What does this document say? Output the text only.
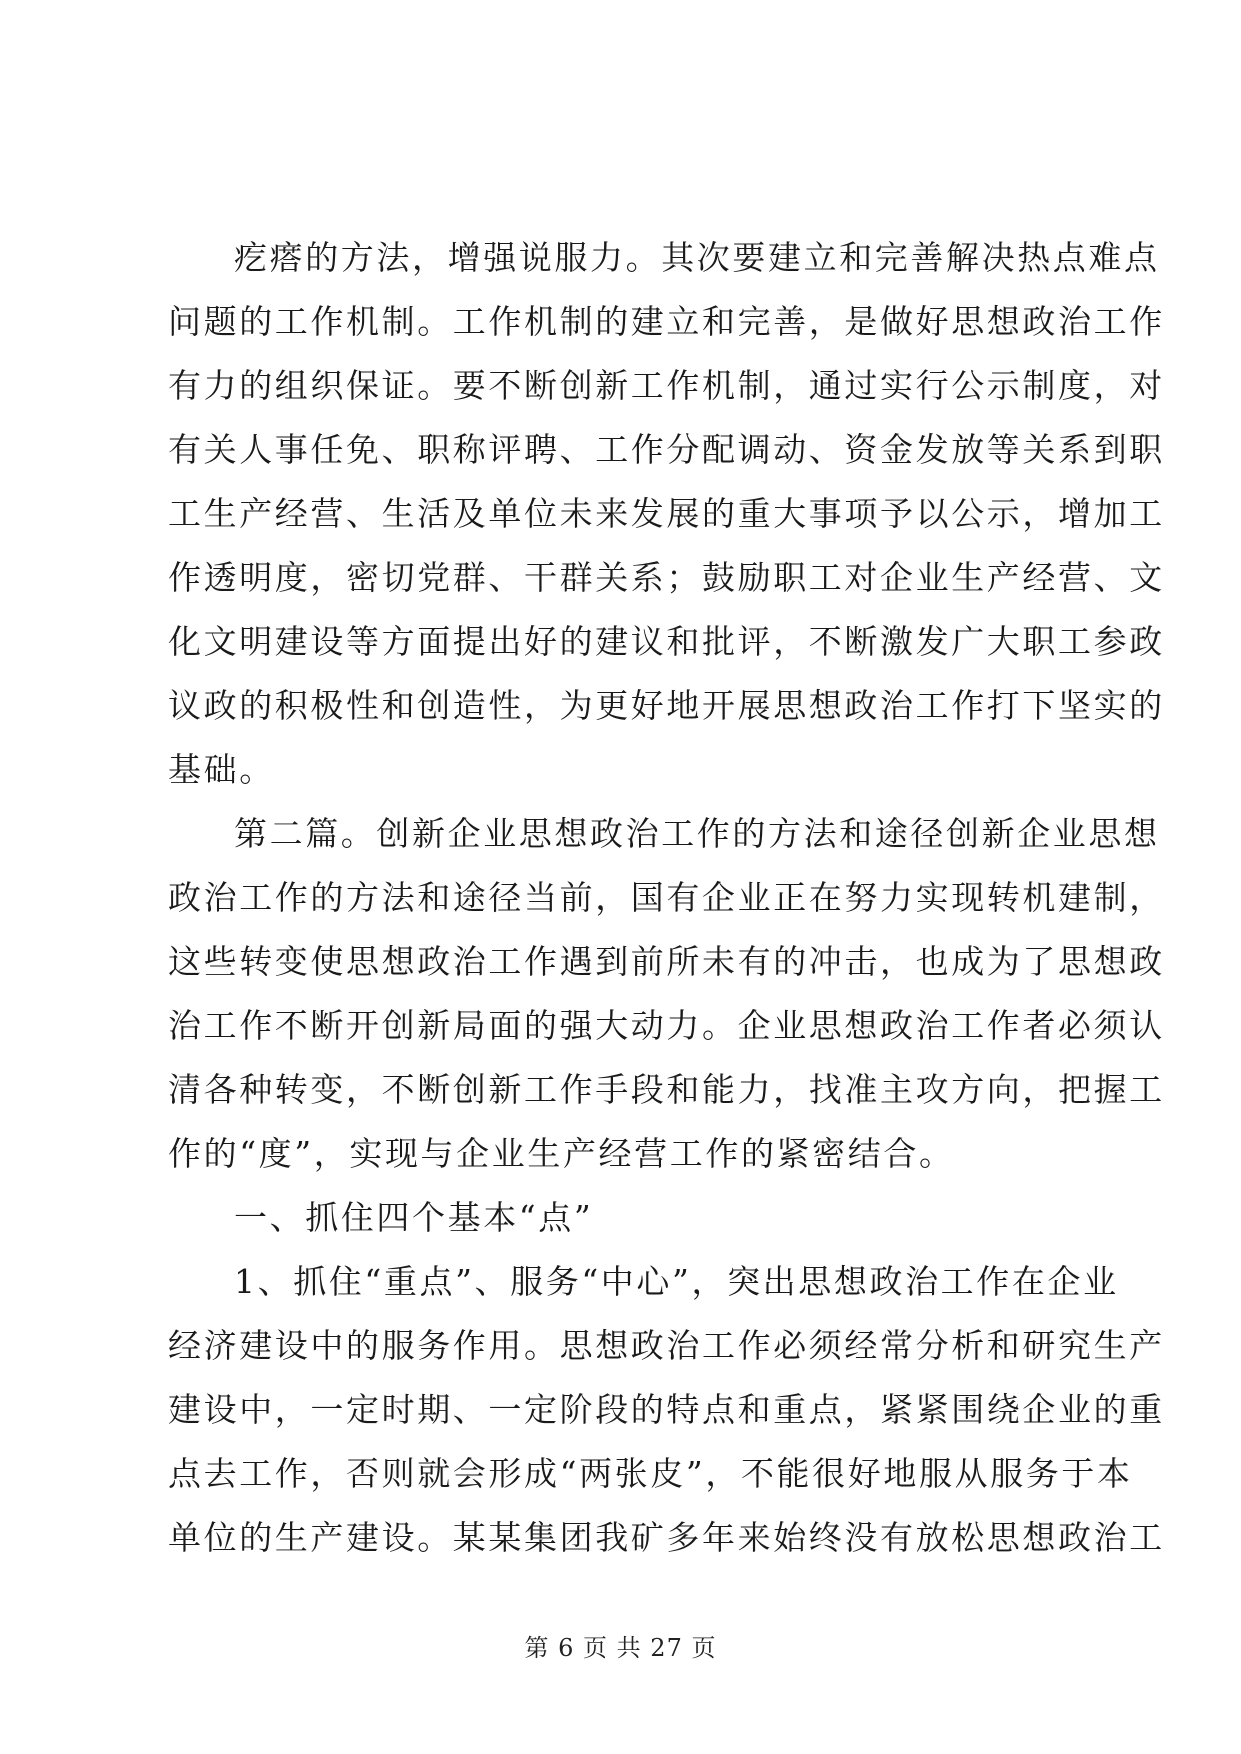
疙瘩的方法，增强说服力。其次要建立和完善解决热点难点
问题的工作机制。工作机制的建立和完善，是做好思想政治工作
有力的组织保证。要不断创新工作机制，通过实行公示制度，对
有关人事任免、职称评聘、工作分配调动、资金发放等关系到职
工生产经营、生活及单位未来发展的重大事项予以公示，增加工
作透明度，密切党群、干群关系；鼓励职工对企业生产经营、文
化文明建设等方面提出好的建议和批评，不断激发广大职工参政
议政的积极性和创造性，为更好地开展思想政治工作打下坚实的
基础。

第二篇。创新企业思想政治工作的方法和途径创新企业思想
政治工作的方法和途径当前，国有企业正在努力实现转机建制，
这些转变使思想政治工作遇到前所未有的冲击，也成为了思想政
治工作不断开创新局面的强大动力。企业思想政治工作者必须认
清各种转变，不断创新工作手段和能力，找准主攻方向，把握工
作的“度”，实现与企业生产经营工作的紧密结合。

一、抓住四个基本“点”

1、抓住“重点”、服务“中心”，突出思想政治工作在企业
经济建设中的服务作用。思想政治工作必须经常分析和研究生产
建设中，一定时期、一定阶段的特点和重点，紧紧围绕企业的重
点去工作，否则就会形成“两张皮”，不能很好地服从服务于本
单位的生产建设。某某集团我矿多年来始终没有放松思想政治工

第 6 页 共 27 页
